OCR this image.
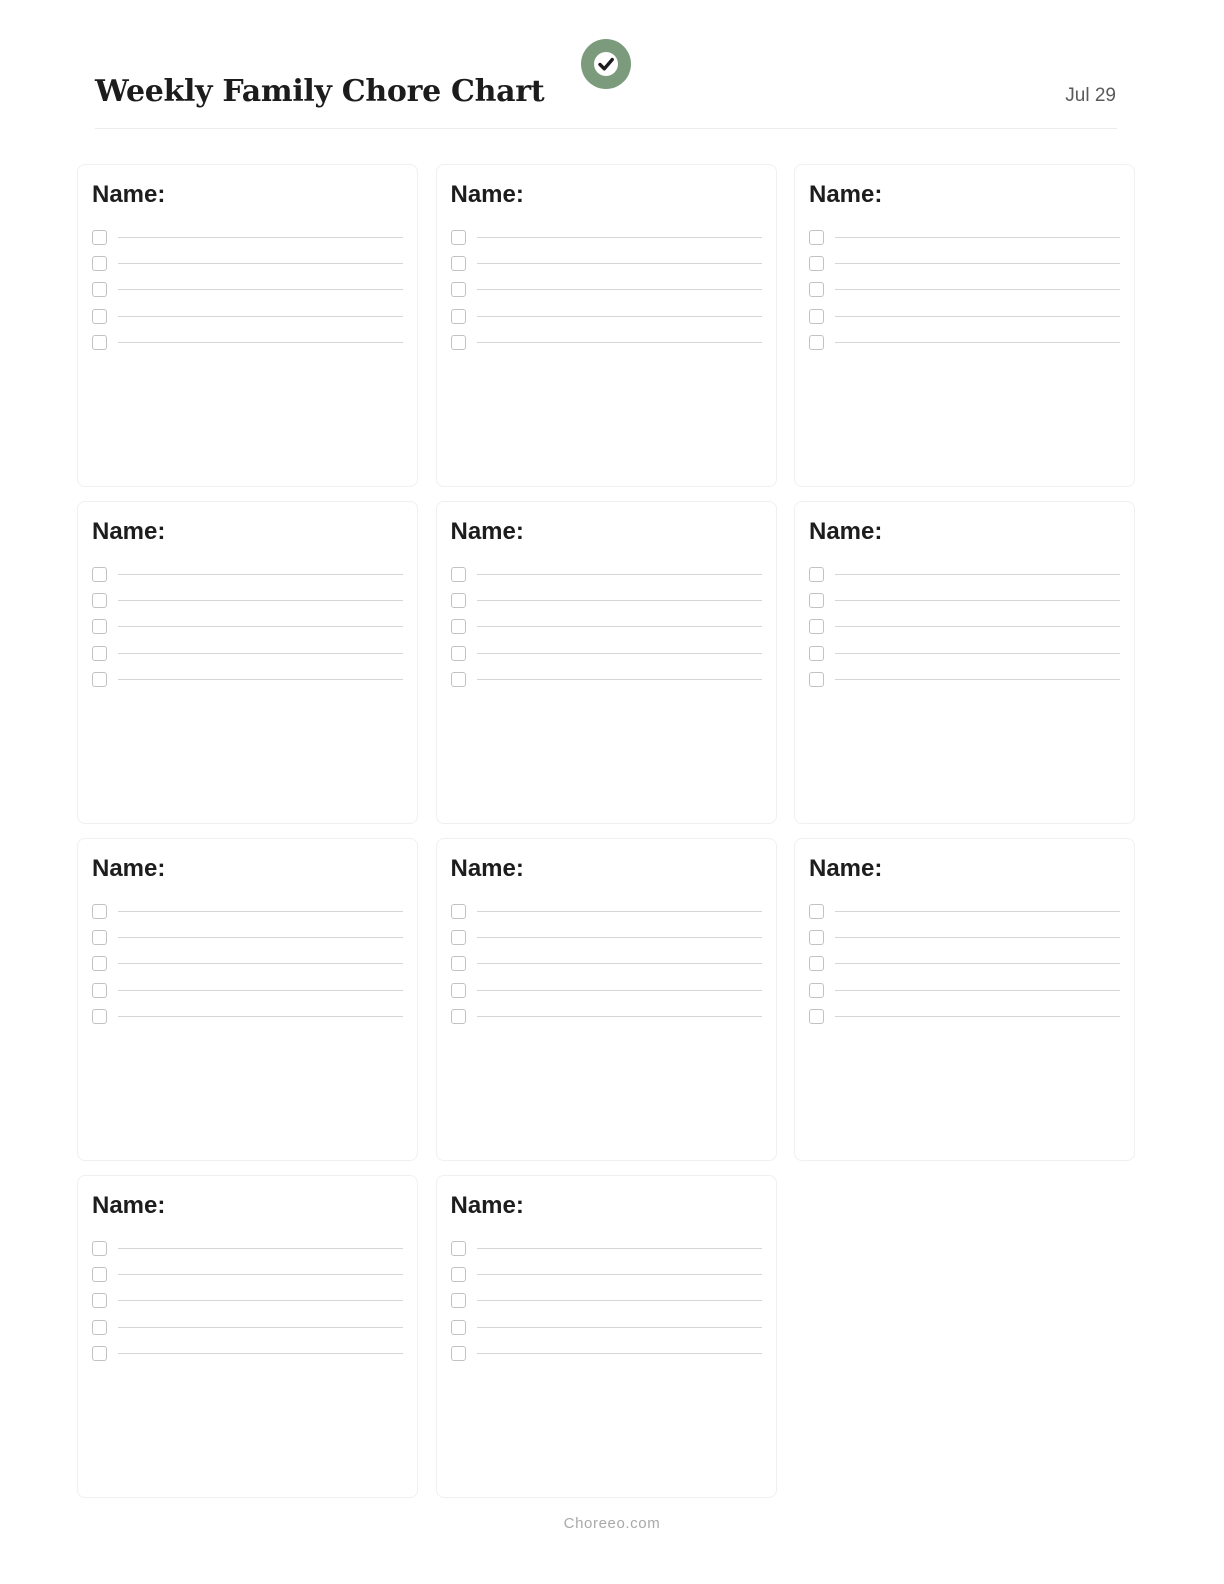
Weekly Family Chore Chart	Jul 29
Name:	Name:	Name:
Name:	Name:	Name:
Name:	Name:	Name:
Name:	Name:
Choreeo.com
